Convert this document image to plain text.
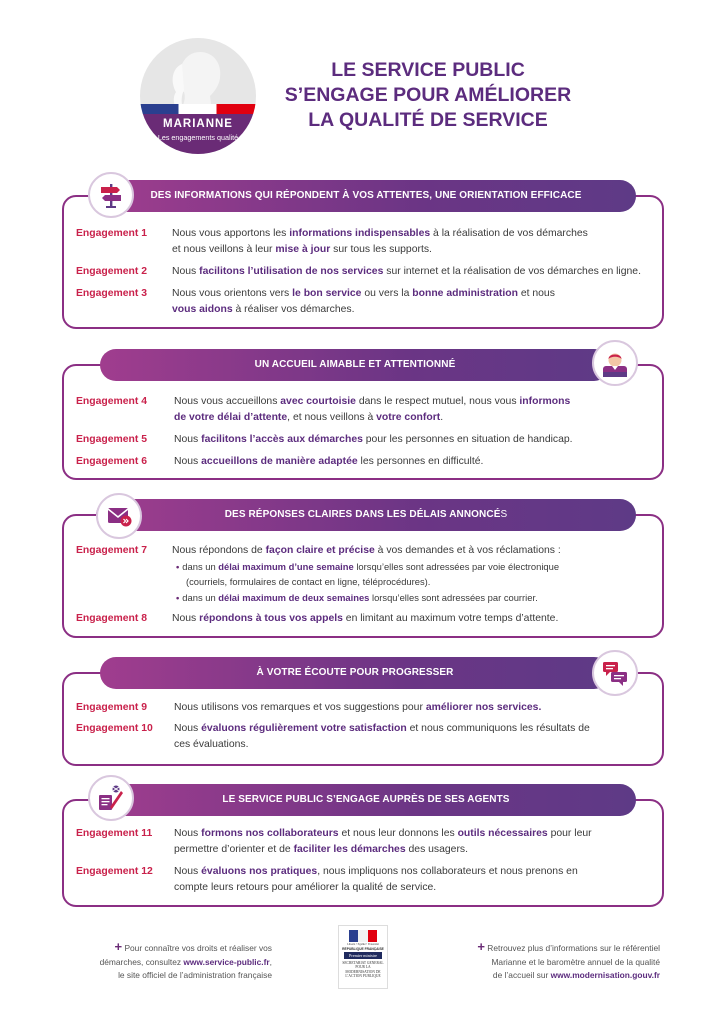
MARIANNE
Les engagements qualité
LE SERVICE PUBLIC
S’ENGAGE POUR AMÉLIORER
LA QUALITÉ DE SERVICE
DES INFORMATIONS QUI RÉPONDENT À VOS ATTENTES, UNE ORIENTATION EFFICACE
Engagement 1 Nous vous apportons les informations indispensables à la réalisation de vos démarches
et nous veillons à leur mise à jour sur tous les supports.
Engagement 2 Nous facilitons l’utilisation de nos services sur internet et la réalisation de vos démarches en ligne.
Engagement 3 Nous vous orientons vers le bon service ou vers la bonne administration et nous
vous aidons à réaliser vos démarches.
UN ACCUEIL AIMABLE ET ATTENTIONNÉ
Engagement 4	Nous vous accueillons avec courtoisie dans le respect mutuel, nous vous informons
de votre délai d’attente, et nous veillons à votre confort.
Engagement 5	Nous facilitons l’accès aux démarches pour les personnes en situation de handicap.
Engagement 6	Nous accueillons de manière adaptée les personnes en difficulté.
DES RÉPONSES CLAIRES DANS LES DÉLAIS ANNONCÉS
Engagement 7 Nous répondons de façon claire et précise à vos demandes et à vos réclamations :
• dans un délai maximum d’une semaine lorsqu’elles sont adressées par voie électronique
(courriels, formulaires de contact en ligne, téléprocédures).
• dans un délai maximum de deux semaines lorsqu’elles sont adressées par courrier.
Engagement 8 Nous répondons à tous vos appels en limitant au maximum votre temps d’attente.
À VOTRE ÉCOUTE POUR PROGRESSER
Engagement 9	Nous utilisons vos remarques et vos suggestions pour améliorer nos services.
Engagement 10 Nous évaluons régulièrement votre satisfaction et nous communiquons les résultats de
ces évaluations.
LE SERVICE PUBLIC S’ENGAGE AUPRÈS DE SES AGENTS
Engagement 11 Nous formons nos collaborateurs et nous leur donnons les outils nécessaires pour leur
permettre d’orienter et de faciliter les démarches des usagers.
Engagement 12 Nous évaluons nos pratiques, nous impliquons nos collaborateurs et nous prenons en
compte leurs retours pour améliorer la qualité de service.
+ Pour connaître vos droits et réaliser vos
démarches, consultez www.service-public.fr,
le site officiel de l’administration française
Liberté • Égalité • Fraternité
RÉPUBLIQUE FRANÇAISE
Premier ministre
SECRÉTARIAT GÉNÉRAL POUR LA MODERNISATION DE L’ACTION PUBLIQUE
+ Retrouvez plus d’informations sur le référentiel
Marianne et le baromètre annuel de la qualité
de l’accueil sur www.modernisation.gouv.fr
